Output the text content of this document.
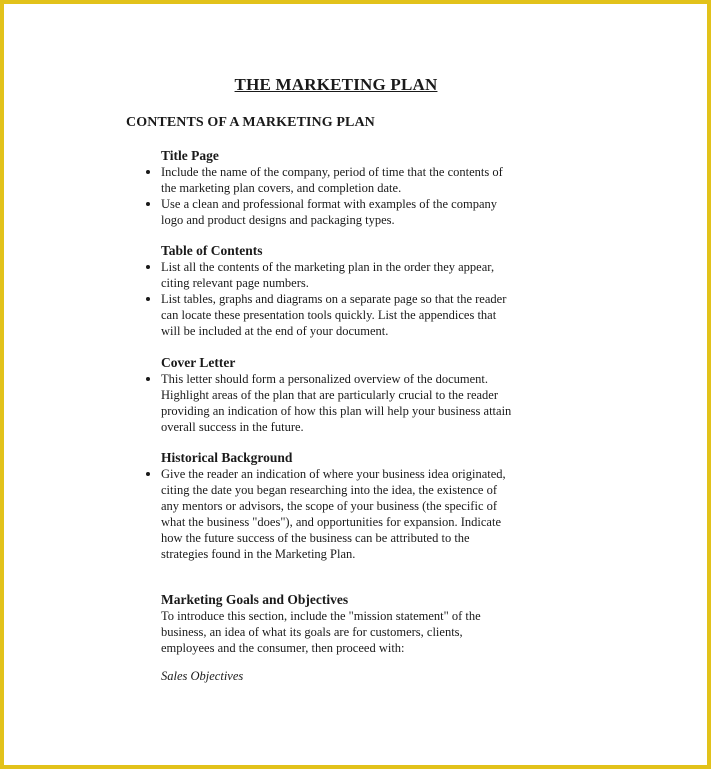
THE MARKETING PLAN
CONTENTS OF A MARKETING PLAN
Title Page
Include the name of the company, period of time that the contents of
the marketing plan covers, and completion date.
Use a clean and professional format with examples of the company
logo and product designs and packaging types.
Table of Contents
List all the contents of the marketing plan in the order they appear,
citing relevant page numbers.
List tables, graphs and diagrams on a separate page so that the reader
can locate these presentation tools quickly. List the appendices that
will be included at the end of your document.
Cover Letter
This letter should form a personalized overview of the document.
Highlight areas of the plan that are particularly crucial to the reader
providing an indication of how this plan will help your business attain
overall success in the future.
Historical Background
Give the reader an indication of where your business idea originated,
citing the date you began researching into the idea, the existence of
any mentors or advisors, the scope of your business (the specific of
what the business "does"), and opportunities for expansion. Indicate
how the future success of the business can be attributed to the
strategies found in the Marketing Plan.
Marketing Goals and Objectives

To introduce this section, include the "mission statement" of the
business, an idea of what its goals are for customers, clients,
employees and the consumer, then proceed with:

Sales Objectives
